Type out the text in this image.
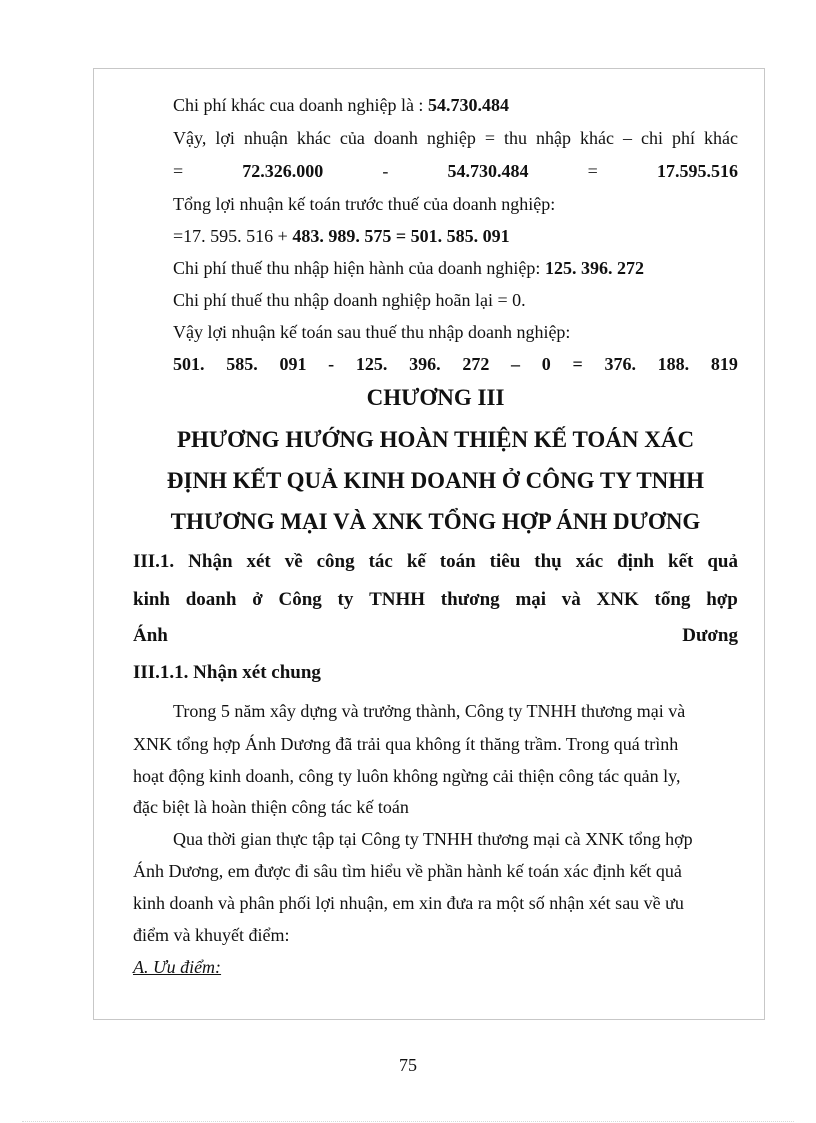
Chi phí khác cua doanh nghiệp là : 54.730.484
Vậy, lợi nhuận khác của doanh nghiệp = thu nhập khác – chi phí khác
=	72.326.000	-	54.730.484	=	17.595.516
Tổng lợi nhuận kế toán trước thuế của doanh nghiệp:
=17. 595. 516 + 483. 989. 575 = 501. 585. 091
Chi phí thuế thu nhập hiện hành của doanh nghiệp: 125. 396. 272
Chi phí thuế thu nhập doanh nghiệp hoãn lại = 0.
Vậy lợi nhuận kế toán sau thuế thu nhập doanh nghiệp:
501. 585. 091 - 125. 396. 272 – 0 = 376. 188. 819
CHƯƠNG III
PHƯƠNG HƯỚNG HOÀN THIỆN KẾ TOÁN XÁC
ĐỊNH KẾT QUẢ KINH DOANH Ở CÔNG TY TNHH
THƯƠNG MẠI VÀ XNK TỔNG HỢP ÁNH DƯƠNG
III.1. Nhận xét về công tác kế toán tiêu thụ xác định kết quả
kinh doanh ở Công ty TNHH thương mại và XNK tổng hợp
Ánh	Dương
III.1.1. Nhận xét chung
Trong 5 năm xây dựng và trưởng thành, Công ty TNHH thương mại và
XNK tổng hợp Ánh Dương đã trải qua không ít thăng trầm. Trong quá trình
hoạt động kinh doanh, công ty luôn không ngừng cải thiện công tác quản ly,
đặc biệt là hoàn thiện công tác kế toán
Qua thời gian thực tập tại Công ty TNHH thương mại cà XNK tổng hợp
Ánh Dương, em được đi sâu tìm hiểu về phần hành kế toán xác định kết quả
kinh doanh và phân phối lợi nhuận, em xin đưa ra một số nhận xét sau về ưu
điểm và khuyết điểm:
A. Ưu điểm:
75
